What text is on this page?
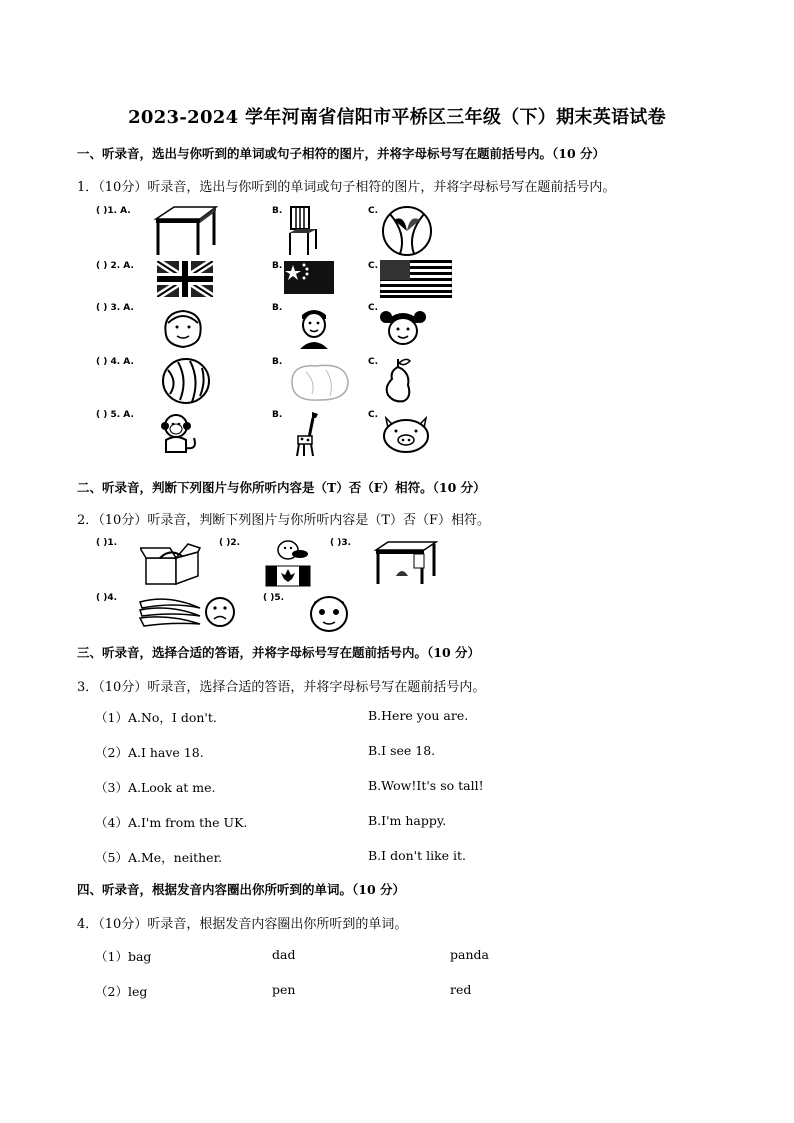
2023-2024 学年河南省信阳市平桥区三年级（下）期末英语试卷
一、听录音，选出与你听到的单词或句子相符的图片，并将字母标号写在题前括号内。（10 分）
1．（10分）听录音，选出与你听到的单词或句子相符的图片，并将字母标号写在题前括号内。
( )1. A.	B.	C.
( ) 2. A.	B.	C.
( ) 3. A.	B.	C.
( ) 4. A.	B.	C.
( ) 5. A.	B.	C.
二、听录音，判断下列图片与你所听内容是（T）否（F）相符。（10 分）
2．（10分）听录音，判断下列图片与你所听内容是（T）否（F）相符。
( )1.	( )2.	( )3.
( )4.	( )5.
三、听录音，选择合适的答语，并将字母标号写在题前括号内。（10 分）
3．（10分）听录音，选择合适的答语，并将字母标号写在题前括号内。
（1）A.No，I don't.	B.Here you are.
（2）A.I have 18.	B.I see 18.
（3）A.Look at me.	B.Wow!It's so tall!
（4）A.I'm from the UK.	B.I'm happy.
（5）A.Me，neither.	B.I don't like it.
四、听录音，根据发音内容圈出你所听到的单词。（10 分）
4．（10分）听录音，根据发音内容圈出你所听到的单词。
（1）bag	dad	panda
（2）leg	pen	red
